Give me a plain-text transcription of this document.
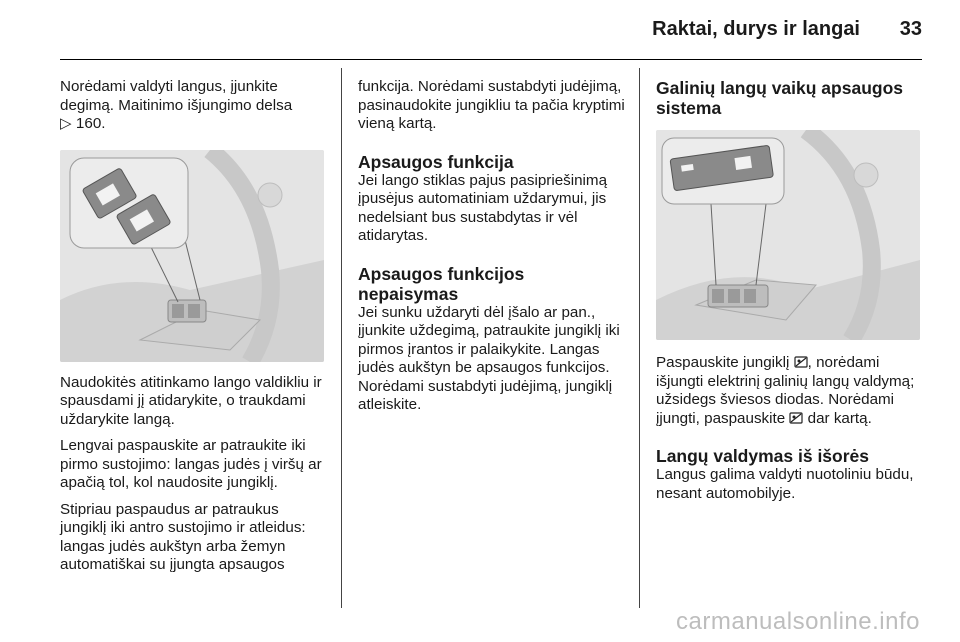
Raktai, durys ir langai 33

Norėdami valdyti langus, įjunkite degimą. Maitinimo išjungimo delsa
▷ 160.

Naudokitės atitinkamo lango valdikliu ir spausdami jį atidarykite, o traukdami uždarykite langą.

Lengvai paspauskite ar patraukite iki pirmo sustojimo: langas judės į viršų ar apačią tol, kol naudosite jungiklį.

Stipriau paspaudus ar patraukus jungiklį iki antro sustojimo ir atleidus: langas judės aukštyn arba žemyn automatiškai su įjungta apsaugos

funkcija. Norėdami sustabdyti judėjimą, pasinaudokite jungikliu ta pačia kryptimi vieną kartą.

Apsaugos funkcija

Jei lango stiklas pajus pasipriešinimą įpusėjus automatiniam uždarymui, jis nedelsiant bus sustabdytas ir vėl atidarytas.

Apsaugos funkcijos nepaisymas

Jei sunku uždaryti dėl įšalo ar pan., įjunkite uždegimą, patraukite jungiklį iki pirmos įrantos ir palaikykite. Langas judės aukštyn be apsaugos funkcijos. Norėdami sustabdyti judėjimą, jungiklį atleiskite.

Galinių langų vaikų apsaugos sistema

Paspauskite jungiklį , norėdami išjungti elektrinį galinių langų valdymą; užsidegs šviesos diodas. Norėdami įjungti, paspauskite dar kartą.

Langų valdymas iš išorės

Langus galima valdyti nuotoliniu būdu, nesant automobilyje.

carmanualsonline.info
